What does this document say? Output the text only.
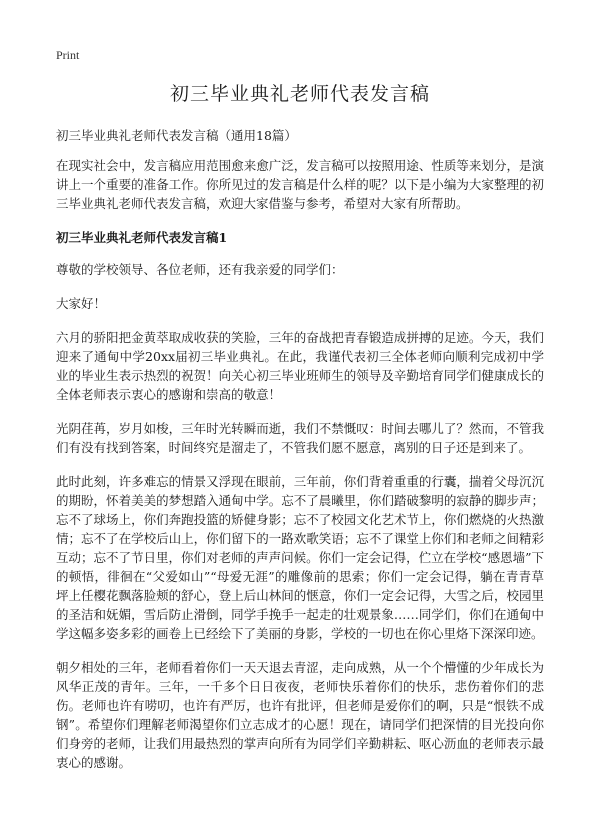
Print
初三毕业典礼老师代表发言稿
初三毕业典礼老师代表发言稿（通用18篇）

在现实社会中，发言稿应用范围愈来愈广泛，发言稿可以按照用途、性质等来划分，是演讲上一个重要的准备工作。你所见过的发言稿是什么样的呢？以下是小编为大家整理的初三毕业典礼老师代表发言稿，欢迎大家借鉴与参考，希望对大家有所帮助。

初三毕业典礼老师代表发言稿1

尊敬的学校领导、各位老师，还有我亲爱的同学们：

大家好！

六月的骄阳把金黄萃取成收获的笑脸，三年的奋战把青春锻造成拼搏的足迹。今天，我们迎来了通甸中学20xx届初三毕业典礼。在此，我谨代表初三全体老师向顺利完成初中学业的毕业生表示热烈的祝贺！向关心初三毕业班师生的领导及辛勤培育同学们健康成长的全体老师表示衷心的感谢和崇高的敬意！

光阴荏苒，岁月如梭，三年时光转瞬而逝，我们不禁慨叹：时间去哪儿了？然而，不管我们有没有找到答案，时间终究是溜走了，不管我们愿不愿意，离别的日子还是到来了。

此时此刻，许多难忘的情景又浮现在眼前，三年前，你们背着重重的行囊，揣着父母沉沉的期盼，怀着美美的梦想踏入通甸中学。忘不了晨曦里，你们踏破黎明的寂静的脚步声；忘不了球场上，你们奔跑投篮的矫健身影；忘不了校园文化艺术节上，你们燃烧的火热激情；忘不了在学校后山上，你们留下的一路欢歌笑语；忘不了课堂上你们和老师之间精彩互动；忘不了节日里，你们对老师的声声问候。你们一定会记得，伫立在学校“感恩墙”下的顿悟，徘徊在“父爱如山”“母爱无涯”的雕像前的思索；你们一定会记得，躺在青青草坪上任樱花飘落脸颊的舒心，登上后山林间的惬意，你们一定会记得，大雪之后，校园里的圣洁和妩媚，雪后防止滑倒，同学手挽手一起走的壮观景象……同学们，你们在通甸中学这幅多姿多彩的画卷上已经绘下了美丽的身影，学校的一切也在你心里烙下深深印迹。

朝夕相处的三年，老师看着你们一天天退去青涩，走向成熟，从一个个懵懂的少年成长为风华正茂的青年。三年，一千多个日日夜夜，老师快乐着你们的快乐，悲伤着你们的悲伤。老师也许有唠叨，也许有严厉，也许有批评，但老师是爱你们的啊，只是“恨铁不成钢”。希望你们理解老师渴望你们立志成才的心愿！现在，请同学们把深情的目光投向你们身旁的老师，让我们用最热烈的掌声向所有为同学们辛勤耕耘、呕心沥血的老师表示最衷心的感谢。
